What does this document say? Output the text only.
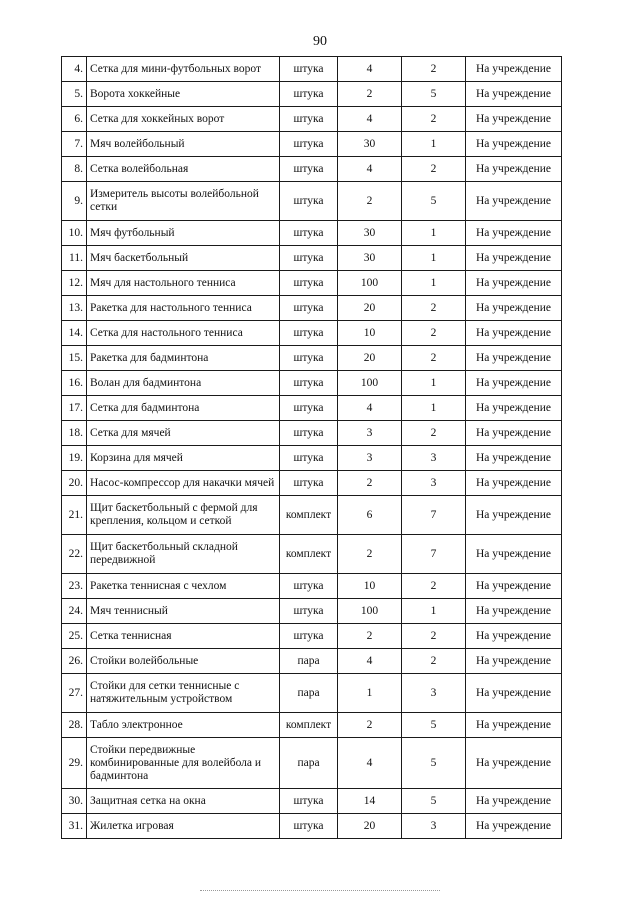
90
4.	Сетка для мини-футбольных ворот	штука	4	2	На учреждение
5.	Ворота хоккейные	штука	2	5	На учреждение
6.	Сетка для хоккейных ворот	штука	4	2	На учреждение
7.	Мяч волейбольный	штука	30	1	На учреждение
8.	Сетка волейбольная	штука	4	2	На учреждение
9.	Измеритель высоты волейбольной сетки	штука	2	5	На учреждение
10.	Мяч футбольный	штука	30	1	На учреждение
11.	Мяч баскетбольный	штука	30	1	На учреждение
12.	Мяч для настольного тенниса	штука	100	1	На учреждение
13.	Ракетка для настольного тенниса	штука	20	2	На учреждение
14.	Сетка для настольного тенниса	штука	10	2	На учреждение
15.	Ракетка для бадминтона	штука	20	2	На учреждение
16.	Волан для бадминтона	штука	100	1	На учреждение
17.	Сетка для бадминтона	штука	4	1	На учреждение
18.	Сетка для мячей	штука	3	2	На учреждение
19.	Корзина для мячей	штука	3	3	На учреждение
20.	Насос-компрессор для накачки мячей	штука	2	3	На учреждение
21.	Щит баскетбольный с фермой для крепления, кольцом и сеткой	комплект	6	7	На учреждение
22.	Щит баскетбольный складной передвижной	комплект	2	7	На учреждение
23.	Ракетка теннисная с чехлом	штука	10	2	На учреждение
24.	Мяч теннисный	штука	100	1	На учреждение
25.	Сетка теннисная	штука	2	2	На учреждение
26.	Стойки волейбольные	пара	4	2	На учреждение
27.	Стойки для сетки теннисные с натяжительным устройством	пара	1	3	На учреждение
28.	Табло электронное	комплект	2	5	На учреждение
29.	Стойки передвижные комбинированные для волейбола и бадминтона	пара	4	5	На учреждение
30.	Защитная сетка на окна	штука	14	5	На учреждение
31.	Жилетка игровая	штука	20	3	На учреждение
